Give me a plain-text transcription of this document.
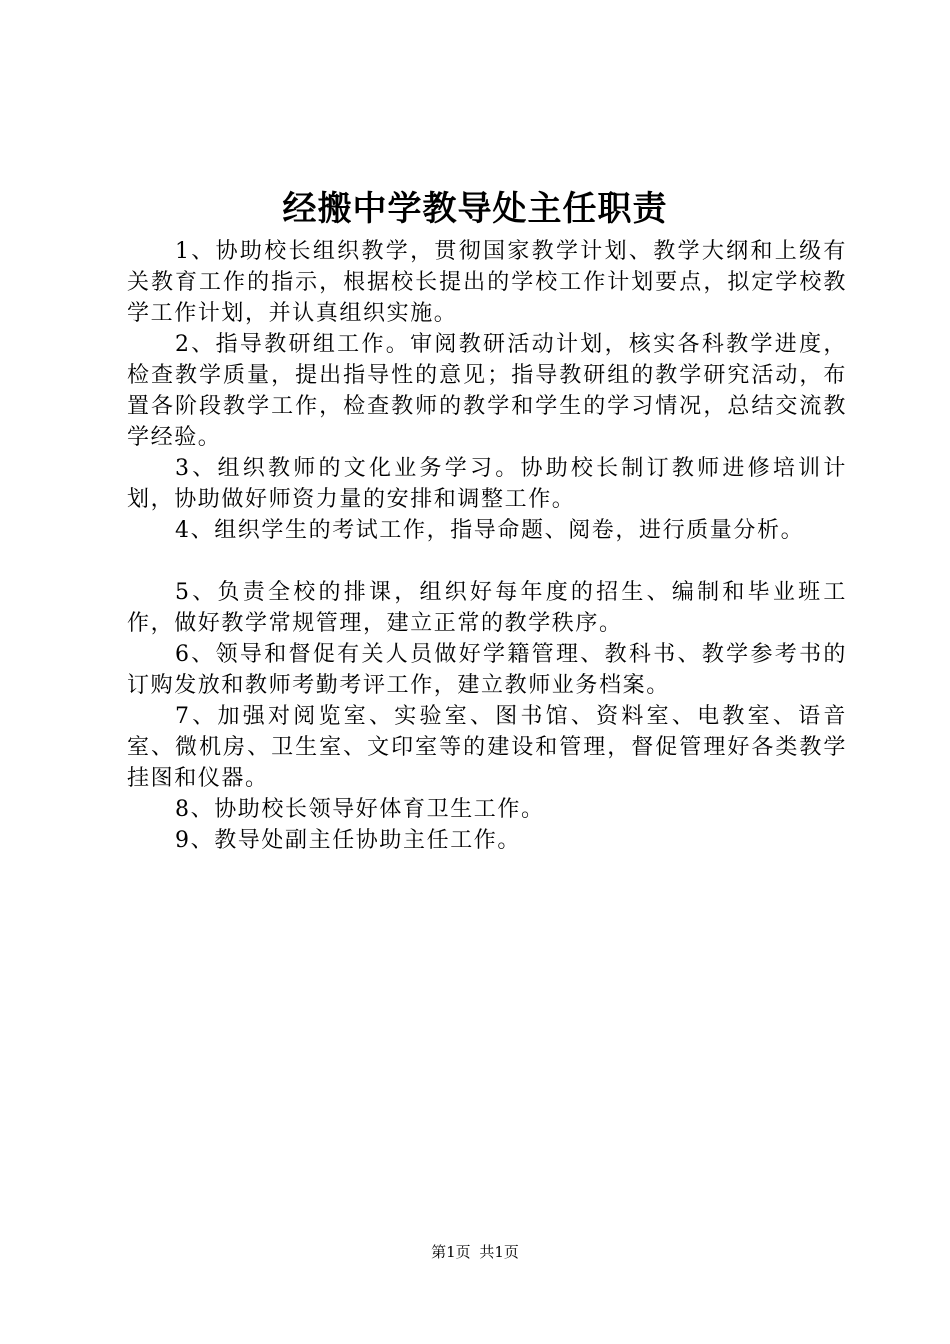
经搬中学教导处主任职责

1、协助校长组织教学，贯彻国家教学计划、教学大纲和上级有关教育工作的指示，根据校长提出的学校工作计划要点，拟定学校教学工作计划，并认真组织实施。

2、指导教研组工作。审阅教研活动计划，核实各科教学进度，检查教学质量，提出指导性的意见；指导教研组的教学研究活动，布置各阶段教学工作，检查教师的教学和学生的学习情况，总结交流教学经验。

3、组织教师的文化业务学习。协助校长制订教师进修培训计划，协助做好师资力量的安排和调整工作。

4、组织学生的考试工作，指导命题、阅卷，进行质量分析。

5、负责全校的排课，组织好每年度的招生、编制和毕业班工作，做好教学常规管理，建立正常的教学秩序。

6、领导和督促有关人员做好学籍管理、教科书、教学参考书的订购发放和教师考勤考评工作，建立教师业务档案。

7、加强对阅览室、实验室、图书馆、资料室、电教室、语音室、微机房、卫生室、文印室等的建设和管理，督促管理好各类教学挂图和仪器。

8、协助校长领导好体育卫生工作。

9、教导处副主任协助主任工作。

第1页 共1页
